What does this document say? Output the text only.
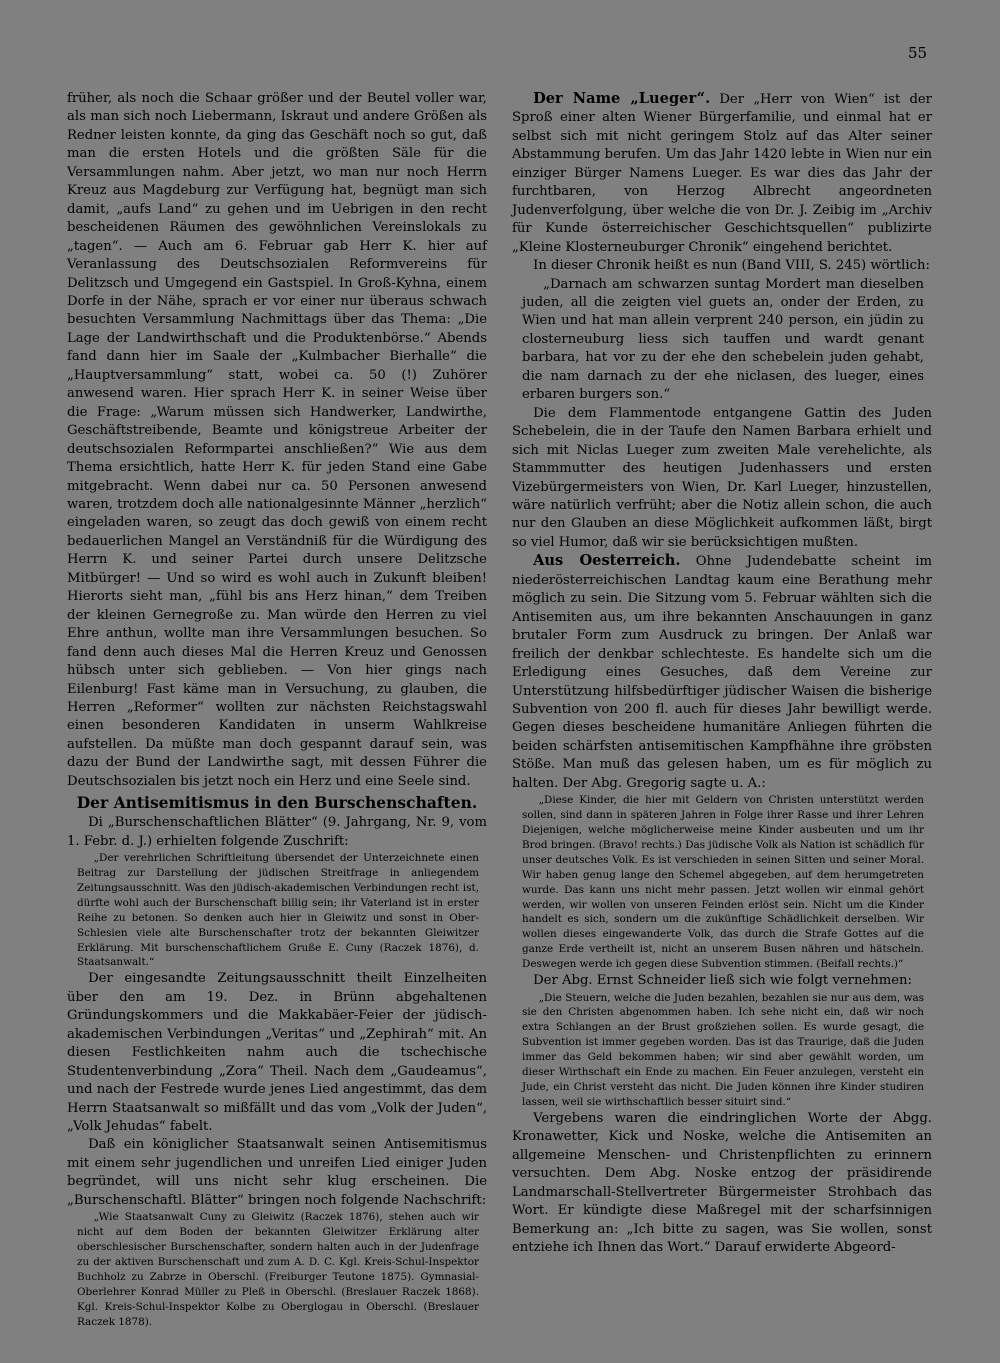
55

früher, als noch die Schaar größer und der Beutel voller war, als man sich noch Liebermann, Iskraut und andere Größen als Redner leisten konnte, da ging das Geschäft noch so gut, daß man die ersten Hotels und die größten Säle für die Versammlungen nahm. Aber jetzt, wo man nur noch Herrn Kreuz aus Magdeburg zur Verfügung hat, begnügt man sich damit, „aufs Land“ zu gehen und im Uebrigen in den recht bescheidenen Räumen des gewöhnlichen Vereinslokals zu „tagen“. — Auch am 6. Februar gab Herr K. hier auf Veranlassung des Deutschsozialen Reformvereins für Delitzsch und Umgegend ein Gastspiel. In Groß-Kyhna, einem Dorfe in der Nähe, sprach er vor einer nur überaus schwach besuchten Versammlung Nachmittags über das Thema: „Die Lage der Landwirthschaft und die Produktenbörse.“ Abends fand dann hier im Saale der „Kulmbacher Bierhalle“ die „Hauptversammlung“ statt, wobei ca. 50 (!) Zuhörer anwesend waren. Hier sprach Herr K. in seiner Weise über die Frage: „Warum müssen sich Handwerker, Landwirthe, Geschäftstreibende, Beamte und königstreue Arbeiter der deutschsozialen Reformpartei anschließen?“ Wie aus dem Thema ersichtlich, hatte Herr K. für jeden Stand eine Gabe mitgebracht. Wenn dabei nur ca. 50 Personen anwesend waren, trotzdem doch alle nationalgesinnte Männer „herzlich“ eingeladen waren, so zeugt das doch gewiß von einem recht bedauerlichen Mangel an Verständniß für die Würdigung des Herrn K. und seiner Partei durch unsere Delitzsche Mitbürger! — Und so wird es wohl auch in Zukunft bleiben! Hierorts sieht man, „fühl bis ans Herz hinan,“ dem Treiben der kleinen Gernegroße zu. Man würde den Herren zu viel Ehre anthun, wollte man ihre Versammlungen besuchen. So fand denn auch dieses Mal die Herren Kreuz und Genossen hübsch unter sich geblieben. — Von hier gings nach Eilenburg! Fast käme man in Versuchung, zu glauben, die Herren „Reformer“ wollten zur nächsten Reichstagswahl einen besonderen Kandidaten in unserm Wahlkreise aufstellen. Da müßte man doch gespannt darauf sein, was dazu der Bund der Landwirthe sagt, mit dessen Führer die Deutschsozialen bis jetzt noch ein Herz und eine Seele sind.

Der Antisemitismus in den Burschenschaften.

Di „Burschenschaftlichen Blätter“ (9. Jahrgang, Nr. 9, vom 1. Febr. d. J.) erhielten folgende Zuschrift:

„Der verehrlichen Schriftleitung übersendet der Unterzeichnete einen Beitrag zur Darstellung der jüdischen Streitfrage in anliegendem Zeitungsausschnitt. Was den jüdisch-akademischen Verbindungen recht ist, dürfte wohl auch der Burschenschaft billig sein; ihr Vaterland ist in erster Reihe zu betonen. So denken auch hier in Gleiwitz und sonst in Ober-Schlesien viele alte Burschenschafter trotz der bekannten Gleiwitzer Erklärung. Mit burschenschaftlichem Gruße E. Cuny (Raczek 1876), d. Staatsanwalt.“

Der eingesandte Zeitungsausschnitt theilt Einzelheiten über den am 19. Dez. in Brünn abgehaltenen Gründungskommers und die Makkabäer-Feier der jüdisch-akademischen Verbindungen „Veritas“ und „Zephirah“ mit. An diesen Festlichkeiten nahm auch die tschechische Studentenverbindung „Zora“ Theil. Nach dem „Gaudeamus“, und nach der Festrede wurde jenes Lied angestimmt, das dem Herrn Staatsanwalt so mißfällt und das vom „Volk der Juden“, „Volk Jehudas“ fabelt.

Daß ein königlicher Staatsanwalt seinen Antisemitismus mit einem sehr jugendlichen und unreifen Lied einiger Juden begründet, will uns nicht sehr klug erscheinen. Die „Burschenschaftl. Blätter“ bringen noch folgende Nachschrift:

„Wie Staatsanwalt Cuny zu Gleiwitz (Raczek 1876), stehen auch wir nicht auf dem Boden der bekannten Gleiwitzer Erklärung alter oberschlesischer Burschenschafter, sondern halten auch in der Judenfrage zu der aktiven Burschenschaft und zum A. D. C. Kgl. Kreis-Schul-Inspektor Buchholz zu Zabrze in Oberschl. (Freiburger Teutone 1875). Gymnasial-Oberlehrer Konrad Müller zu Pleß in Oberschl. (Breslauer Raczek 1868). Kgl. Kreis-Schul-Inspektor Kolbe zu Oberglogau in Oberschl. (Breslauer Raczek 1878).

Der Name „Lueger“. Der „Herr von Wien“ ist der Sproß einer alten Wiener Bürgerfamilie, und einmal hat er selbst sich mit nicht geringem Stolz auf das Alter seiner Abstammung berufen. Um das Jahr 1420 lebte in Wien nur ein einziger Bürger Namens Lueger. Es war dies das Jahr der furchtbaren, von Herzog Albrecht angeordneten Judenverfolgung, über welche die von Dr. J. Zeibig im „Archiv für Kunde österreichischer Geschichtsquellen“ publizirte „Kleine Klosterneuburger Chronik“ eingehend berichtet.

In dieser Chronik heißt es nun (Band VIII, S. 245) wörtlich:

„Darnach am schwarzen suntag Mordert man dieselben juden, all die zeigten viel guets an, onder der Erden, zu Wien und hat man allein verprent 240 person, ein jüdin zu closterneuburg liess sich tauffen und wardt genant barbara, hat vor zu der ehe den schebelein juden gehabt, die nam darnach zu der ehe niclasen, des lueger, eines erbaren burgers son.“

Die dem Flammentode entgangene Gattin des Juden Schebelein, die in der Taufe den Namen Barbara erhielt und sich mit Niclas Lueger zum zweiten Male verehelichte, als Stammmutter des heutigen Judenhassers und ersten Vizebürgermeisters von Wien, Dr. Karl Lueger, hinzustellen, wäre natürlich verfrüht; aber die Notiz allein schon, die auch nur den Glauben an diese Möglichkeit aufkommen läßt, birgt so viel Humor, daß wir sie berücksichtigen mußten.

Aus Oesterreich. Ohne Judendebatte scheint im niederösterreichischen Landtag kaum eine Berathung mehr möglich zu sein. Die Sitzung vom 5. Februar wählten sich die Antisemiten aus, um ihre bekannten Anschauungen in ganz brutaler Form zum Ausdruck zu bringen. Der Anlaß war freilich der denkbar schlechteste. Es handelte sich um die Erledigung eines Gesuches, daß dem Vereine zur Unterstützung hilfsbedürftiger jüdischer Waisen die bisherige Subvention von 200 fl. auch für dieses Jahr bewilligt werde. Gegen dieses bescheidene humanitäre Anliegen führten die beiden schärfsten antisemitischen Kampfhähne ihre gröbsten Stöße. Man muß das gelesen haben, um es für möglich zu halten. Der Abg. Gregorig sagte u. A.:

„Diese Kinder, die hier mit Geldern von Christen unterstützt werden sollen, sind dann in späteren Jahren in Folge ihrer Rasse und ihrer Lehren Diejenigen, welche möglicherweise meine Kinder ausbeuten und um ihr Brod bringen. (Bravo! rechts.) Das jüdische Volk als Nation ist schädlich für unser deutsches Volk. Es ist verschieden in seinen Sitten und seiner Moral. Wir haben genug lange den Schemel abgegeben, auf dem herumgetreten wurde. Das kann uns nicht mehr passen. Jetzt wollen wir einmal gehört werden, wir wollen von unseren Feinden erlöst sein. Nicht um die Kinder handelt es sich, sondern um die zukünftige Schädlichkeit derselben. Wir wollen dieses eingewanderte Volk, das durch die Strafe Gottes auf die ganze Erde vertheilt ist, nicht an unserem Busen nähren und hätscheln. Deswegen werde ich gegen diese Subvention stimmen. (Beifall rechts.)“

Der Abg. Ernst Schneider ließ sich wie folgt vernehmen:

„Die Steuern, welche die Juden bezahlen, bezahlen sie nur aus dem, was sie den Christen abgenommen haben. Ich sehe nicht ein, daß wir noch extra Schlangen an der Brust großziehen sollen. Es wurde gesagt, die Subvention ist immer gegeben worden. Das ist das Traurige, daß die Juden immer das Geld bekommen haben; wir sind aber gewählt worden, um dieser Wirthschaft ein Ende zu machen. Ein Feuer anzulegen, versteht ein Jude, ein Christ versteht das nicht. Die Juden können ihre Kinder studiren lassen, weil sie wirthschaftlich besser situirt sind.“

Vergebens waren die eindringlichen Worte der Abgg. Kronawetter, Kick und Noske, welche die Antisemiten an allgemeine Menschen- und Christenpflichten zu erinnern versuchten. Dem Abg. Noske entzog der präsidirende Landmarschall-Stellvertreter Bürgermeister Strohbach das Wort. Er kündigte diese Maßregel mit der scharfsinnigen Bemerkung an: „Ich bitte zu sagen, was Sie wollen, sonst entziehe ich Ihnen das Wort.“ Darauf erwiderte Abgeord-
